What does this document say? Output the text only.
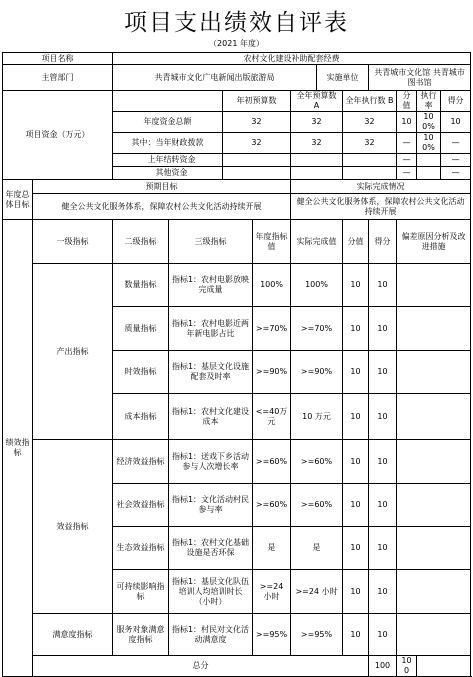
项目支出绩效自评表
（2021 年度）
项目名称		农村文化建设补助配套经费										
主管部门		共青城市文化广电新闻出版旅游局					实施单位		共青城市文化馆 共青城市图书馆			
项目资金（万元）				年初预算数		全年预算数 A		全年执行数 B		分值	执行率	得分
		年度资金总额		32		32		32		10	100%	10
		其中：当年财政拨款		32		32		32		—	100%	—
		上年结转资金								—		—
		其他资金								—		—
年度总体目标	预期目标					实际完成情况						
	健全公共文化服务体系，保障农村公共文化活动持续开展					健全公共文化服务体系，保障农村公共文化活动持续开展						
绩效指标	一级指标	二级指标	三级指标		年度指标值	实际完成值		分值	得分	偏差原因分析及改进措施		
	产出指标	数量指标	指标1：农村电影放映完成量		100%	100%		10	10			
		质量指标	指标1：农村电影近两年新电影占比		>=70%	>=70%		10	10			
		时效指标	指标1：基层文化设施配套及时率		>=90%	>=90%		10	10			
		成本指标	指标1：农村文化建设成本		<=40万元	10 万元		10	10			
	效益指标	经济效益指标	指标1：送戏下乡活动参与人次增长率		>=60%	>=60%		10	10			
		社会效益指标	指标1：文化活动村民参与率		>=60%	>=60%		10	10			
		生态效益指标	指标1：农村文化基础设施是否环保		是	是		10	10			
		可持续影响指标	指标1：基层文化队伍培训人均培训时长（小时）		>=24 小时	>=24 小时		10	10			
	满意度指标	服务对象满意度指标	指标1：村民对文化活动满意度		>=95%	>=95%		10	10			
	总分								100	100		
